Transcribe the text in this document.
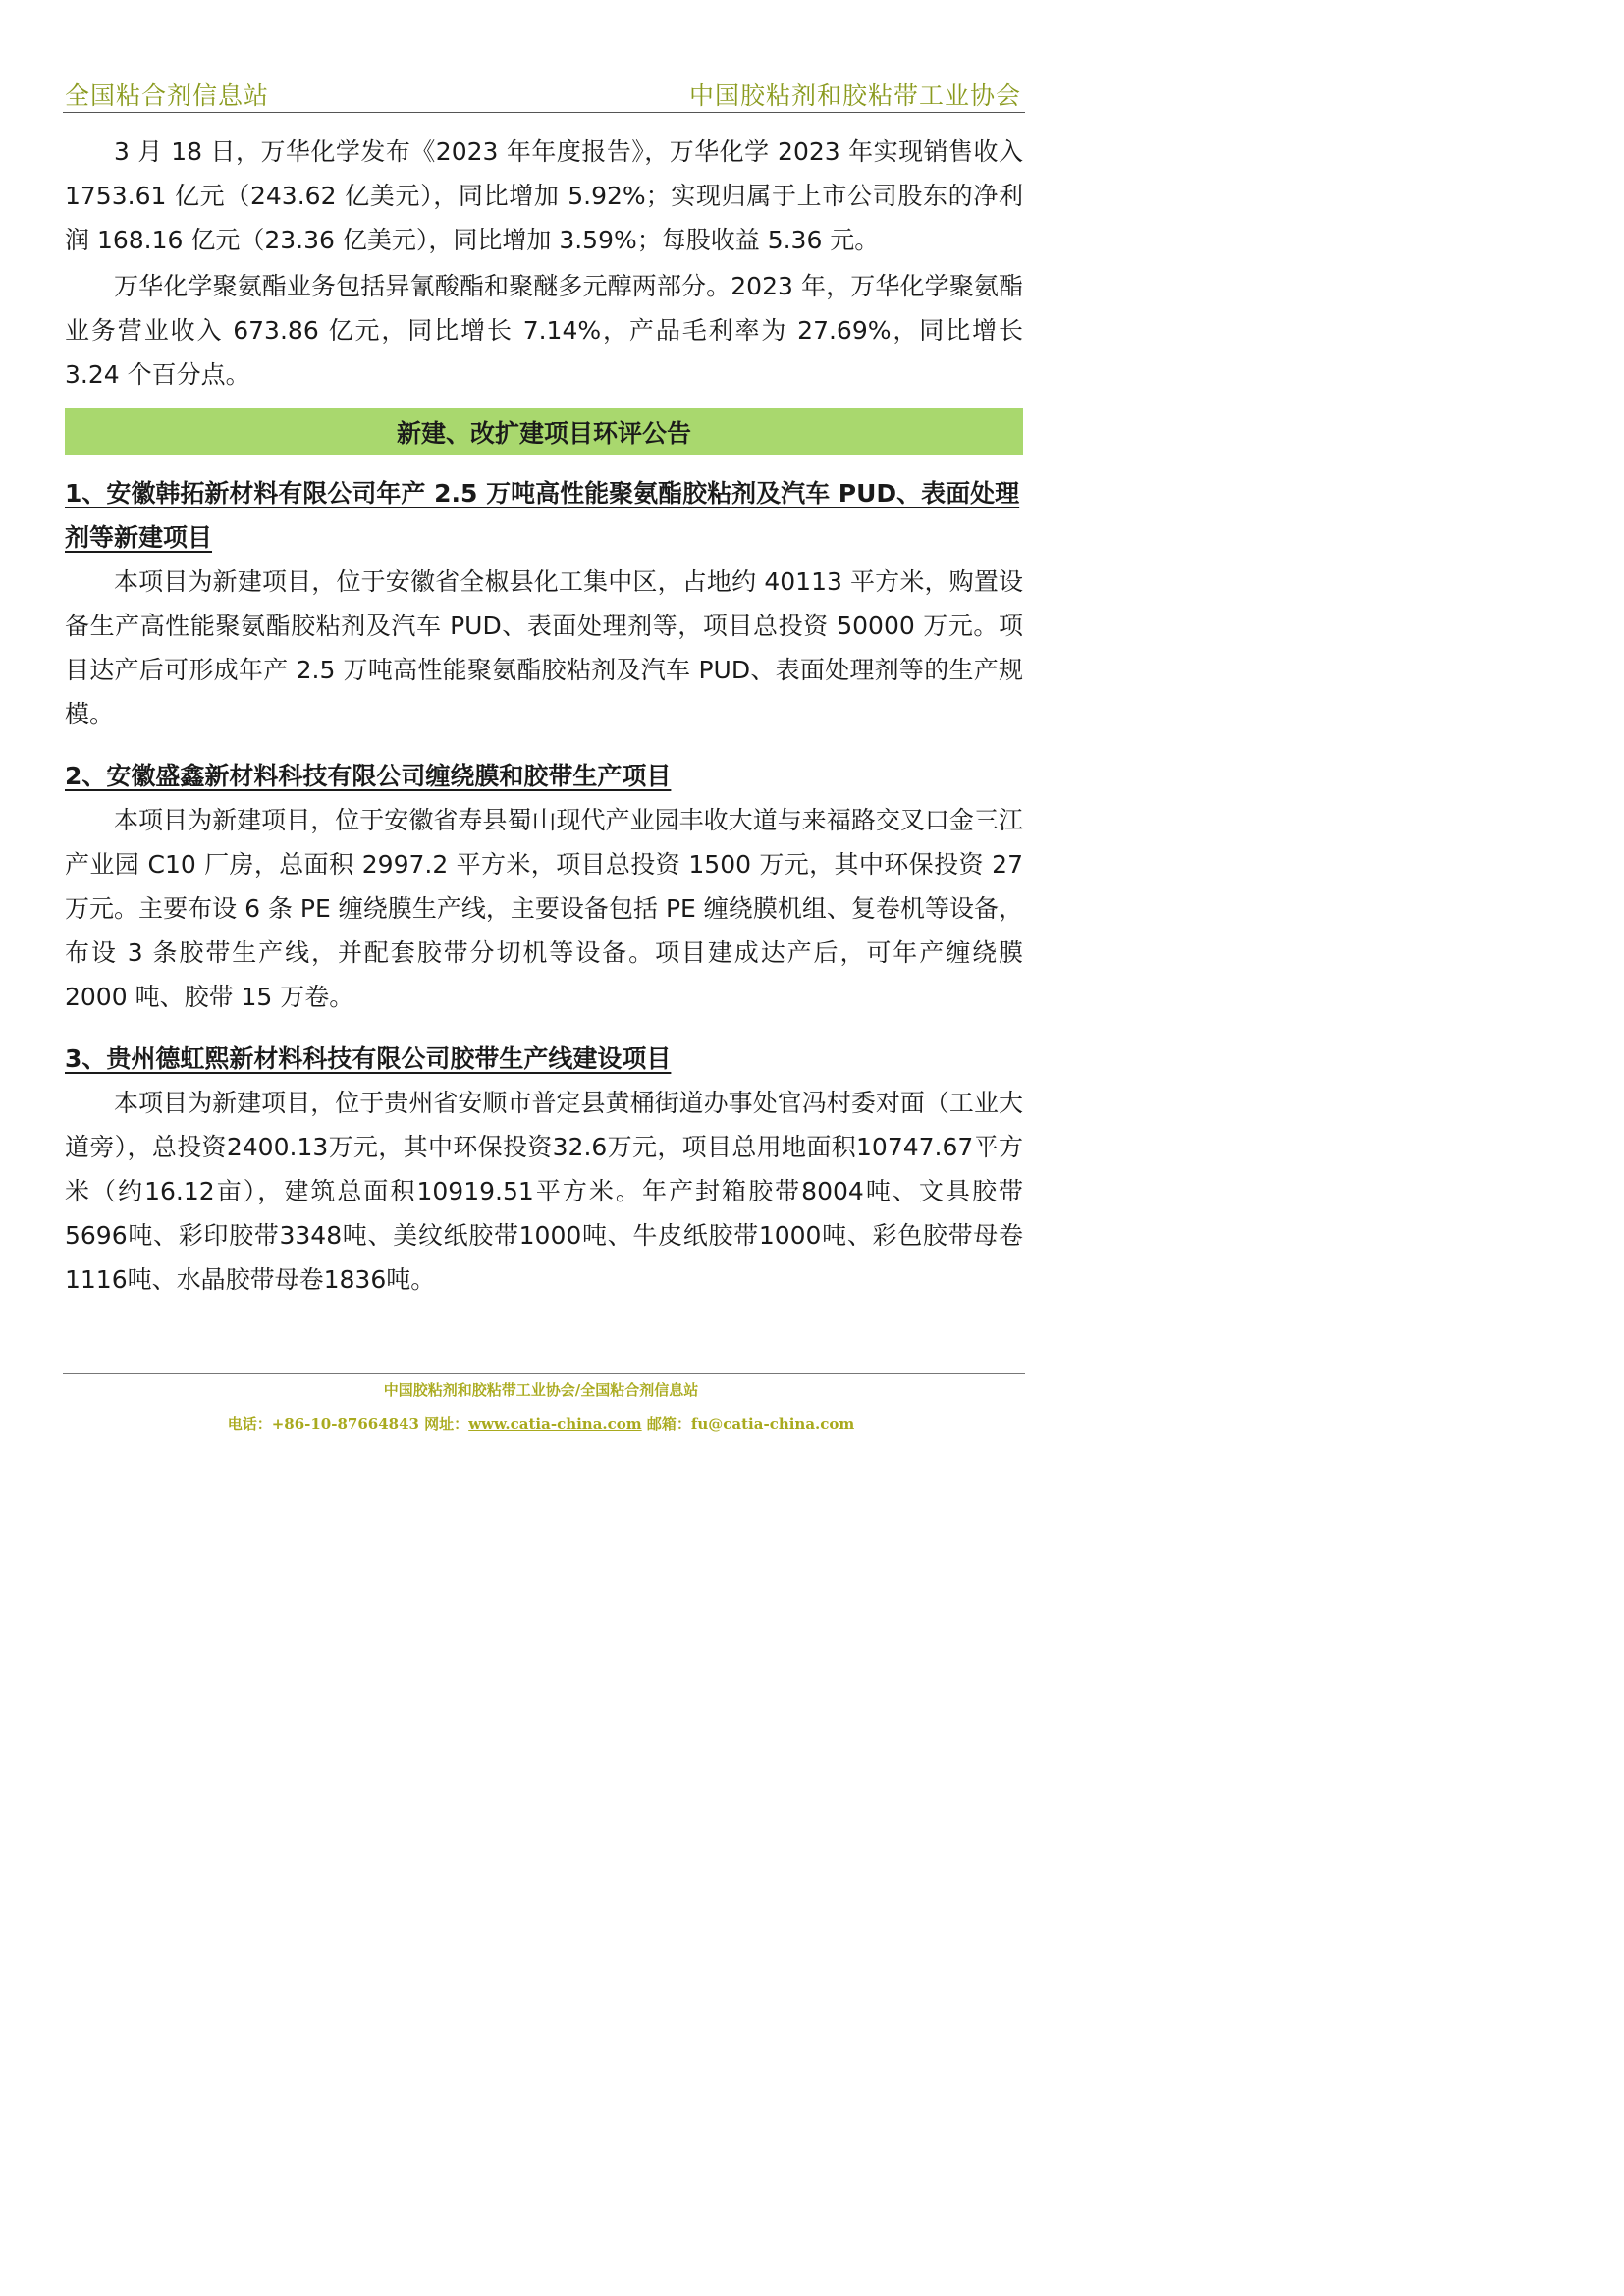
全国粘合剂信息站	中国胶粘剂和胶粘带工业协会

3 月 18 日，万华化学发布《2023 年年度报告》，万华化学 2023 年实现销售收入 1753.61 亿元（243.62 亿美元），同比增加 5.92%；实现归属于上市公司股东的净利润 168.16 亿元（23.36 亿美元），同比增加 3.59%；每股收益 5.36 元。

万华化学聚氨酯业务包括异氰酸酯和聚醚多元醇两部分。2023 年，万华化学聚氨酯业务营业收入 673.86 亿元，同比增长 7.14%，产品毛利率为 27.69%，同比增长 3.24 个百分点。

新建、改扩建项目环评公告

1、安徽韩拓新材料有限公司年产 2.5 万吨高性能聚氨酯胶粘剂及汽车 PUD、表面处理剂等新建项目

本项目为新建项目，位于安徽省全椒县化工集中区，占地约 40113 平方米，购置设备生产高性能聚氨酯胶粘剂及汽车 PUD、表面处理剂等，项目总投资 50000 万元。项目达产后可形成年产 2.5 万吨高性能聚氨酯胶粘剂及汽车 PUD、表面处理剂等的生产规模。

2、安徽盛鑫新材料科技有限公司缠绕膜和胶带生产项目

本项目为新建项目，位于安徽省寿县蜀山现代产业园丰收大道与来福路交叉口金三江产业园 C10 厂房，总面积 2997.2 平方米，项目总投资 1500 万元，其中环保投资 27 万元。主要布设 6 条 PE 缠绕膜生产线，主要设备包括 PE 缠绕膜机组、复卷机等设备，布设 3 条胶带生产线，并配套胶带分切机等设备。项目建成达产后，可年产缠绕膜 2000 吨、胶带 15 万卷。

3、贵州德虹熙新材料科技有限公司胶带生产线建设项目

本项目为新建项目，位于贵州省安顺市普定县黄桶街道办事处官冯村委对面（工业大道旁），总投资2400.13万元，其中环保投资32.6万元，项目总用地面积10747.67平方米（约16.12亩），建筑总面积10919.51平方米。年产封箱胶带8004吨、文具胶带5696吨、彩印胶带3348吨、美纹纸胶带1000吨、牛皮纸胶带1000吨、彩色胶带母卷1116吨、水晶胶带母卷1836吨。

中国胶粘剂和胶粘带工业协会/全国粘合剂信息站
电话：+86-10-87664843 网址：www.catia-china.com 邮箱：fu@catia-china.com
